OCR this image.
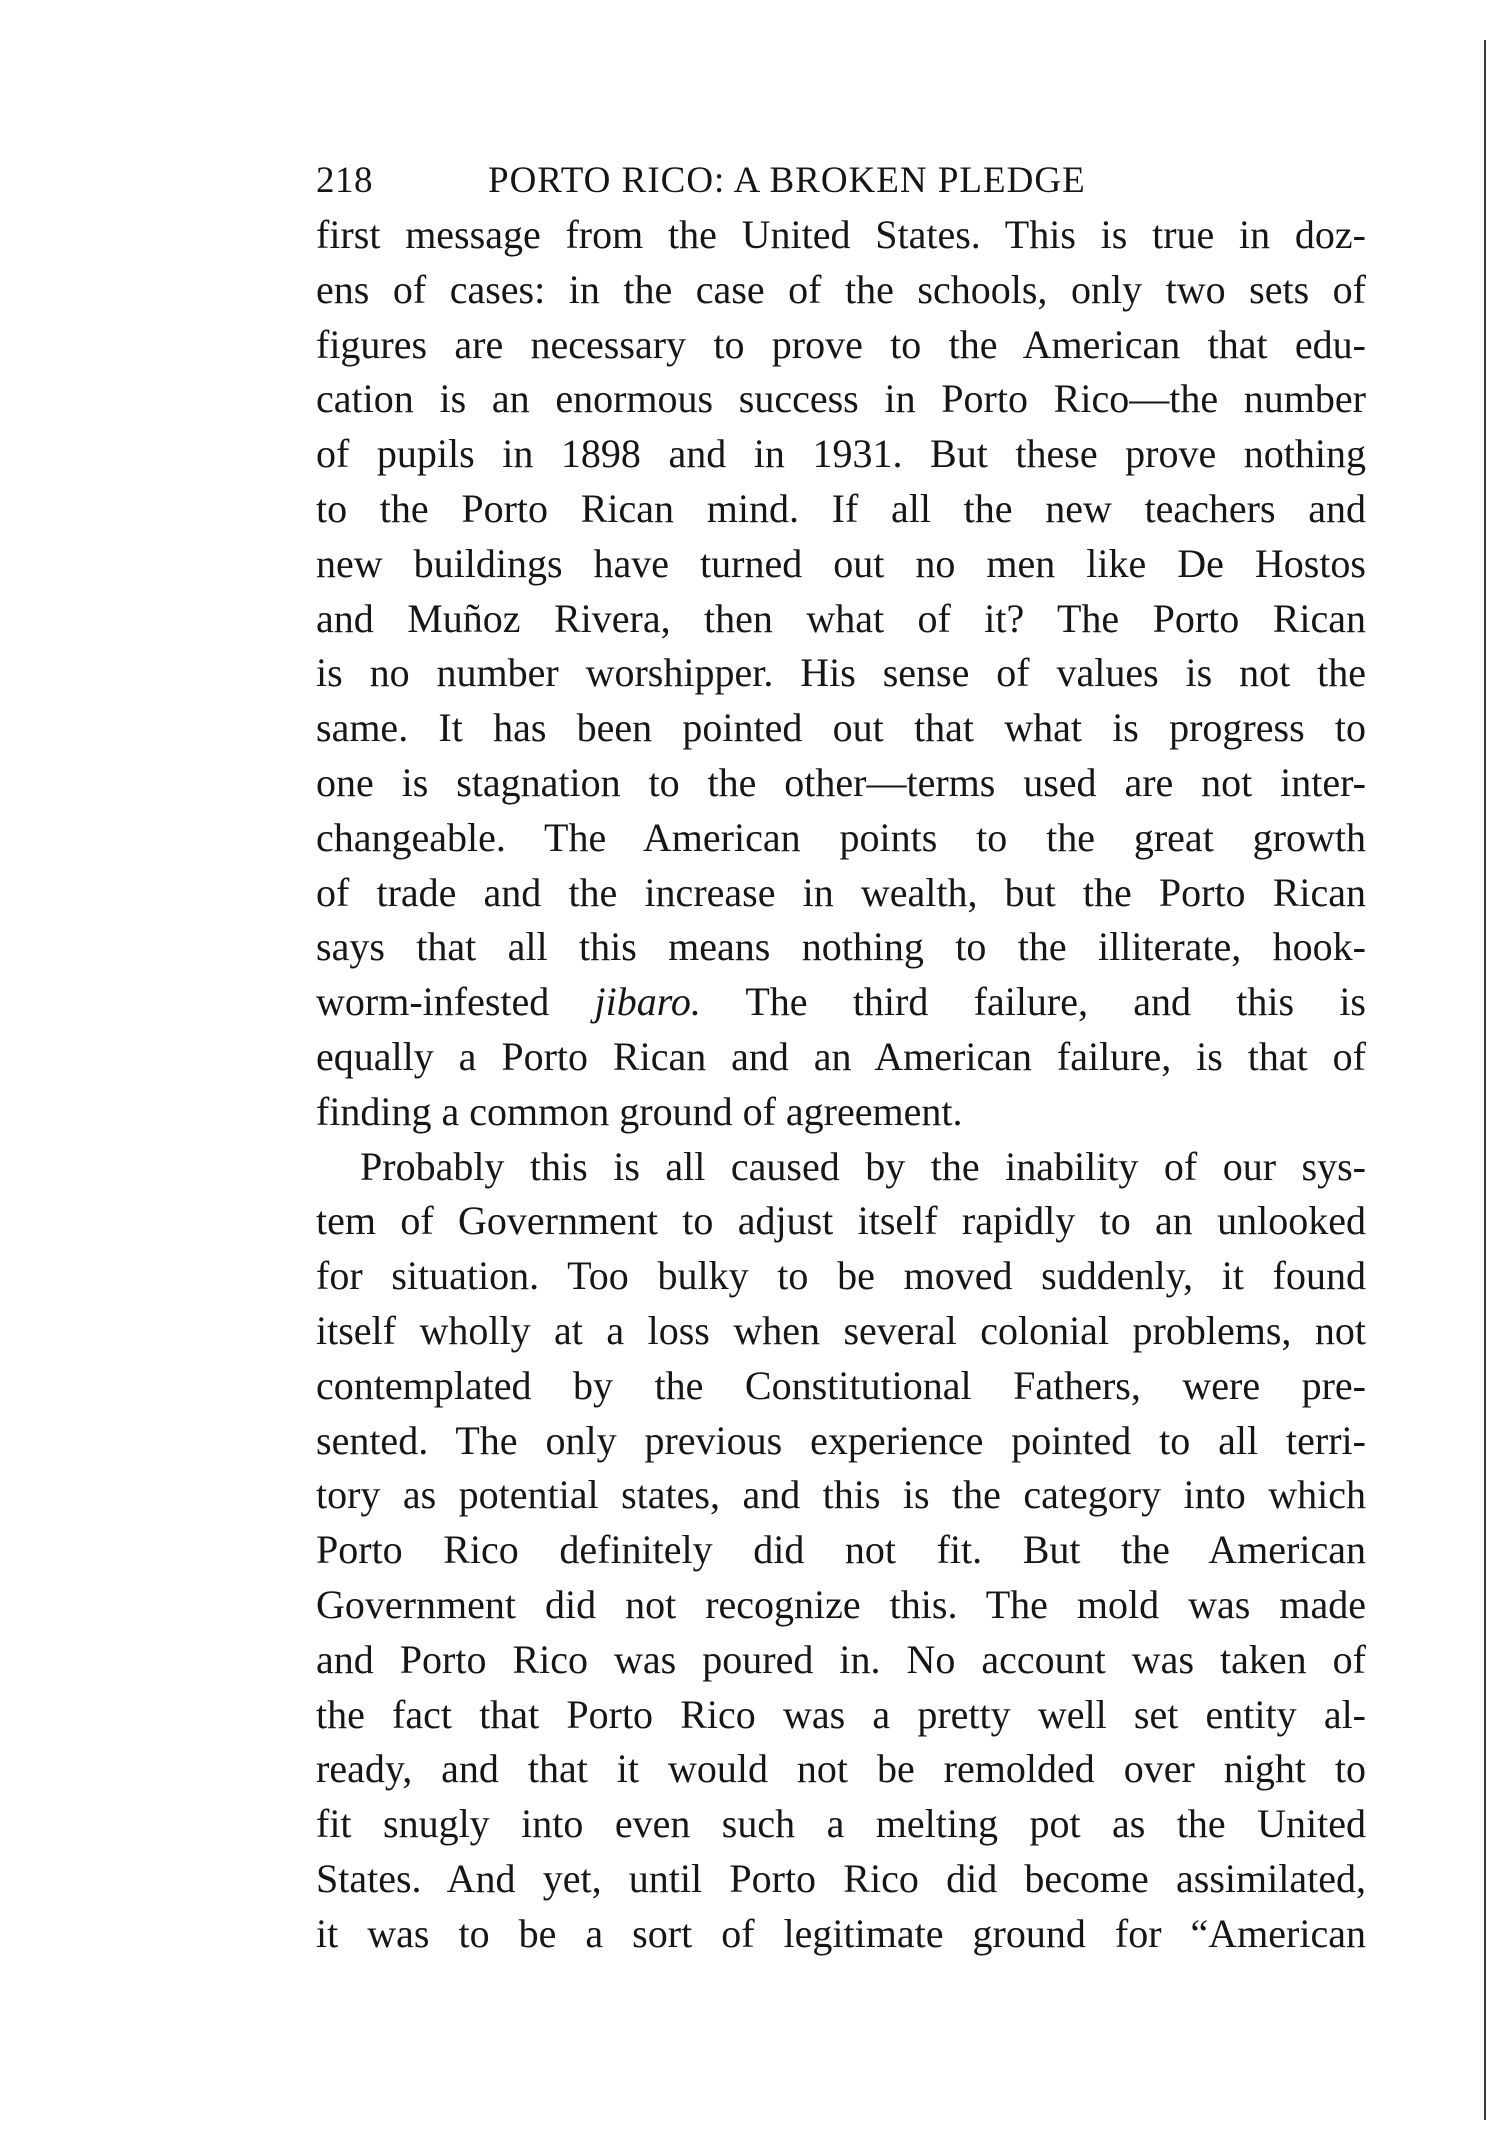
218	PORTO RICO: A BROKEN PLEDGE
first message from the United States. This is true in doz-
ens of cases: in the case of the schools, only two sets of
figures are necessary to prove to the American that edu-
cation is an enormous success in Porto Rico—the number
of pupils in 1898 and in 1931. But these prove nothing
to the Porto Rican mind. If all the new teachers and
new buildings have turned out no men like De Hostos
and Muñoz Rivera, then what of it? The Porto Rican
is no number worshipper. His sense of values is not the
same. It has been pointed out that what is progress to
one is stagnation to the other—terms used are not inter-
changeable. The American points to the great growth
of trade and the increase in wealth, but the Porto Rican
says that all this means nothing to the illiterate, hook-
worm-infested jibaro. The third failure, and this is
equally a Porto Rican and an American failure, is that of
finding a common ground of agreement.
Probably this is all caused by the inability of our sys-
tem of Government to adjust itself rapidly to an unlooked
for situation. Too bulky to be moved suddenly, it found
itself wholly at a loss when several colonial problems, not
contemplated by the Constitutional Fathers, were pre-
sented. The only previous experience pointed to all terri-
tory as potential states, and this is the category into which
Porto Rico definitely did not fit. But the American
Government did not recognize this. The mold was made
and Porto Rico was poured in. No account was taken of
the fact that Porto Rico was a pretty well set entity al-
ready, and that it would not be remolded over night to
fit snugly into even such a melting pot as the United
States. And yet, until Porto Rico did become assimilated,
it was to be a sort of legitimate ground for “American
